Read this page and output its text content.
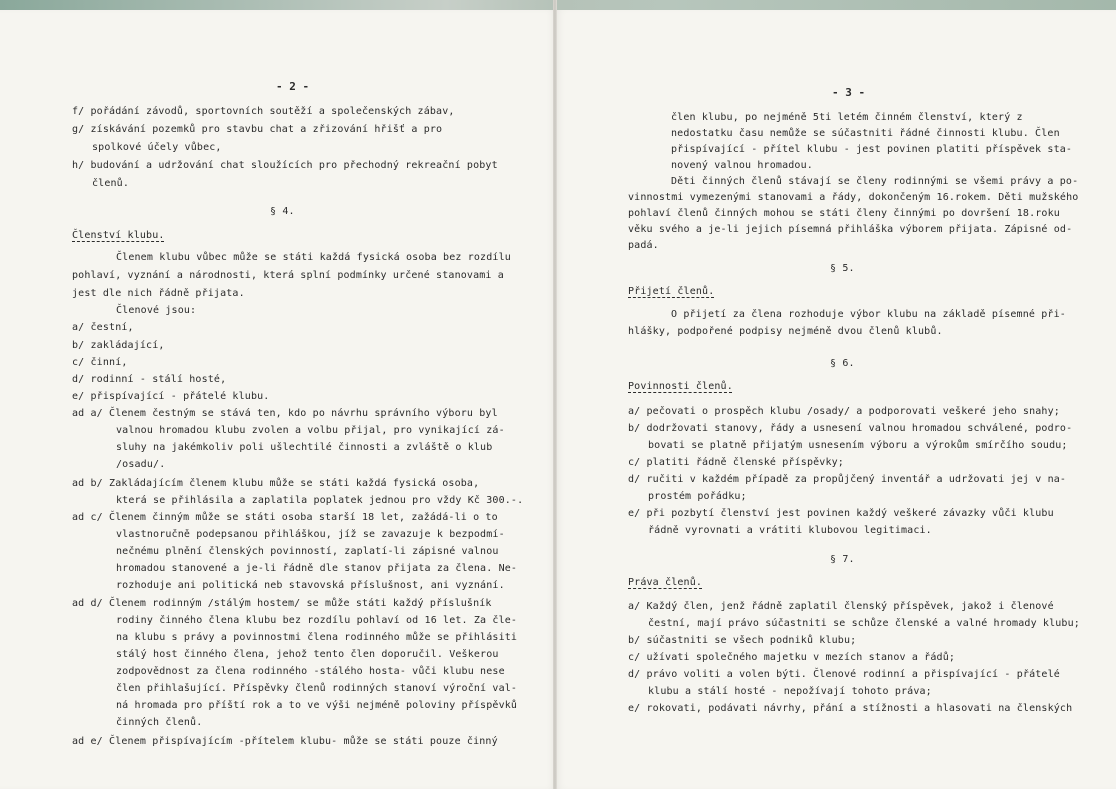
- 2 -	- 3 -
f/ pořádání závodů, sportovních soutěží a společenských zábav,
g/ získávání pozemků pro stavbu chat a zřizování hřišť a pro
spolkové účely vůbec,
h/ budování a udržování chat sloužících pro přechodný rekreační pobyt
členů.
§ 4.
Členství klubu.
Členem klubu vůbec může se státi každá fysická osoba bez rozdílu
pohlaví, vyznání a národnosti, která splní podmínky určené stanovami a
jest dle nich řádně přijata.
Členové jsou:
a/ čestní,
b/ zakládající,
c/ činní,
d/ rodinní - stálí hosté,
e/ přispívající - přátelé klubu.
ad a/ Členem čestným se stává ten, kdo po návrhu správního výboru byl
valnou hromadou klubu zvolen a volbu přijal, pro vynikající zá-
sluhy na jakémkoliv poli ušlechtilé činnosti a zvláště o klub
/osadu/.
ad b/ Zakládajícím členem klubu může se státi každá fysická osoba,
která se přihlásila a zaplatila poplatek jednou pro vždy Kč 300.-.
ad c/ Členem činným může se státi osoba starší 18 let, zažádá-li o to
vlastnoručně podepsanou přihláškou, jíž se zavazuje k bezpodmí-
nečnému plnění členských povinností, zaplatí-li zápisné valnou
hromadou stanovené a je-li řádně dle stanov přijata za člena. Ne-
rozhoduje ani politická neb stavovská příslušnost, ani vyznání.
ad d/ Členem rodinným /stálým hostem/ se může státi každý příslušník
rodiny činného člena klubu bez rozdílu pohlaví od 16 let. Za čle-
na klubu s právy a povinnostmi člena rodinného může se přihlásiti
stálý host činného člena, jehož tento člen doporučil. Veškerou
zodpovědnost za člena rodinného -stálého hosta- vůči klubu nese
člen přihlašující. Příspěvky členů rodinných stanoví výroční val-
ná hromada pro příští rok a to ve výši nejméně poloviny příspěvků
činných členů.
ad e/ Členem přispívajícím -přítelem klubu- může se státi pouze činný
člen klubu, po nejméně 5ti letém činném členství, který z
nedostatku času nemůže se súčastniti řádné činnosti klubu. Člen
přispívající - přítel klubu - jest povinen platiti příspěvek sta-
novený valnou hromadou.
Děti činných členů stávají se členy rodinnými se všemi právy a po-
vinnostmi vymezenými stanovami a řády, dokončeným 16.rokem. Děti mužského
pohlaví členů činných mohou se státi členy činnými po dovršení 18.roku
věku svého a je-li jejich písemná přihláška výborem přijata. Zápisné od-
padá.
§ 5.
Přijetí členů.
O přijetí za člena rozhoduje výbor klubu na základě písemné při-
hlášky, podpořené podpisy nejméně dvou členů klubů.
§ 6.
Povinnosti členů.
a/ pečovati o prospěch klubu /osady/ a podporovati veškeré jeho snahy;
b/ dodržovati stanovy, řády a usnesení valnou hromadou schválené, podro-
bovati se platně přijatým usnesením výboru a výrokům smírčího soudu;
c/ platiti řádně členské příspěvky;
d/ ručiti v každém případě za propůjčený inventář a udržovati jej v na-
prostém pořádku;
e/ při pozbytí členství jest povinen každý veškeré závazky vůči klubu
řádně vyrovnati a vrátiti klubovou legitimaci.
§ 7.
Práva členů.
a/ Každý člen, jenž řádně zaplatil členský příspěvek, jakož i členové
čestní, mají právo súčastniti se schůze členské a valné hromady klubu;
b/ súčastniti se všech podniků klubu;
c/ užívati společného majetku v mezích stanov a řádů;
d/ právo voliti a volen býti. Členové rodinní a přispívající - přátelé
klubu a stálí hosté - nepožívají tohoto práva;
e/ rokovati, podávati návrhy, přání a stížnosti a hlasovati na členských
